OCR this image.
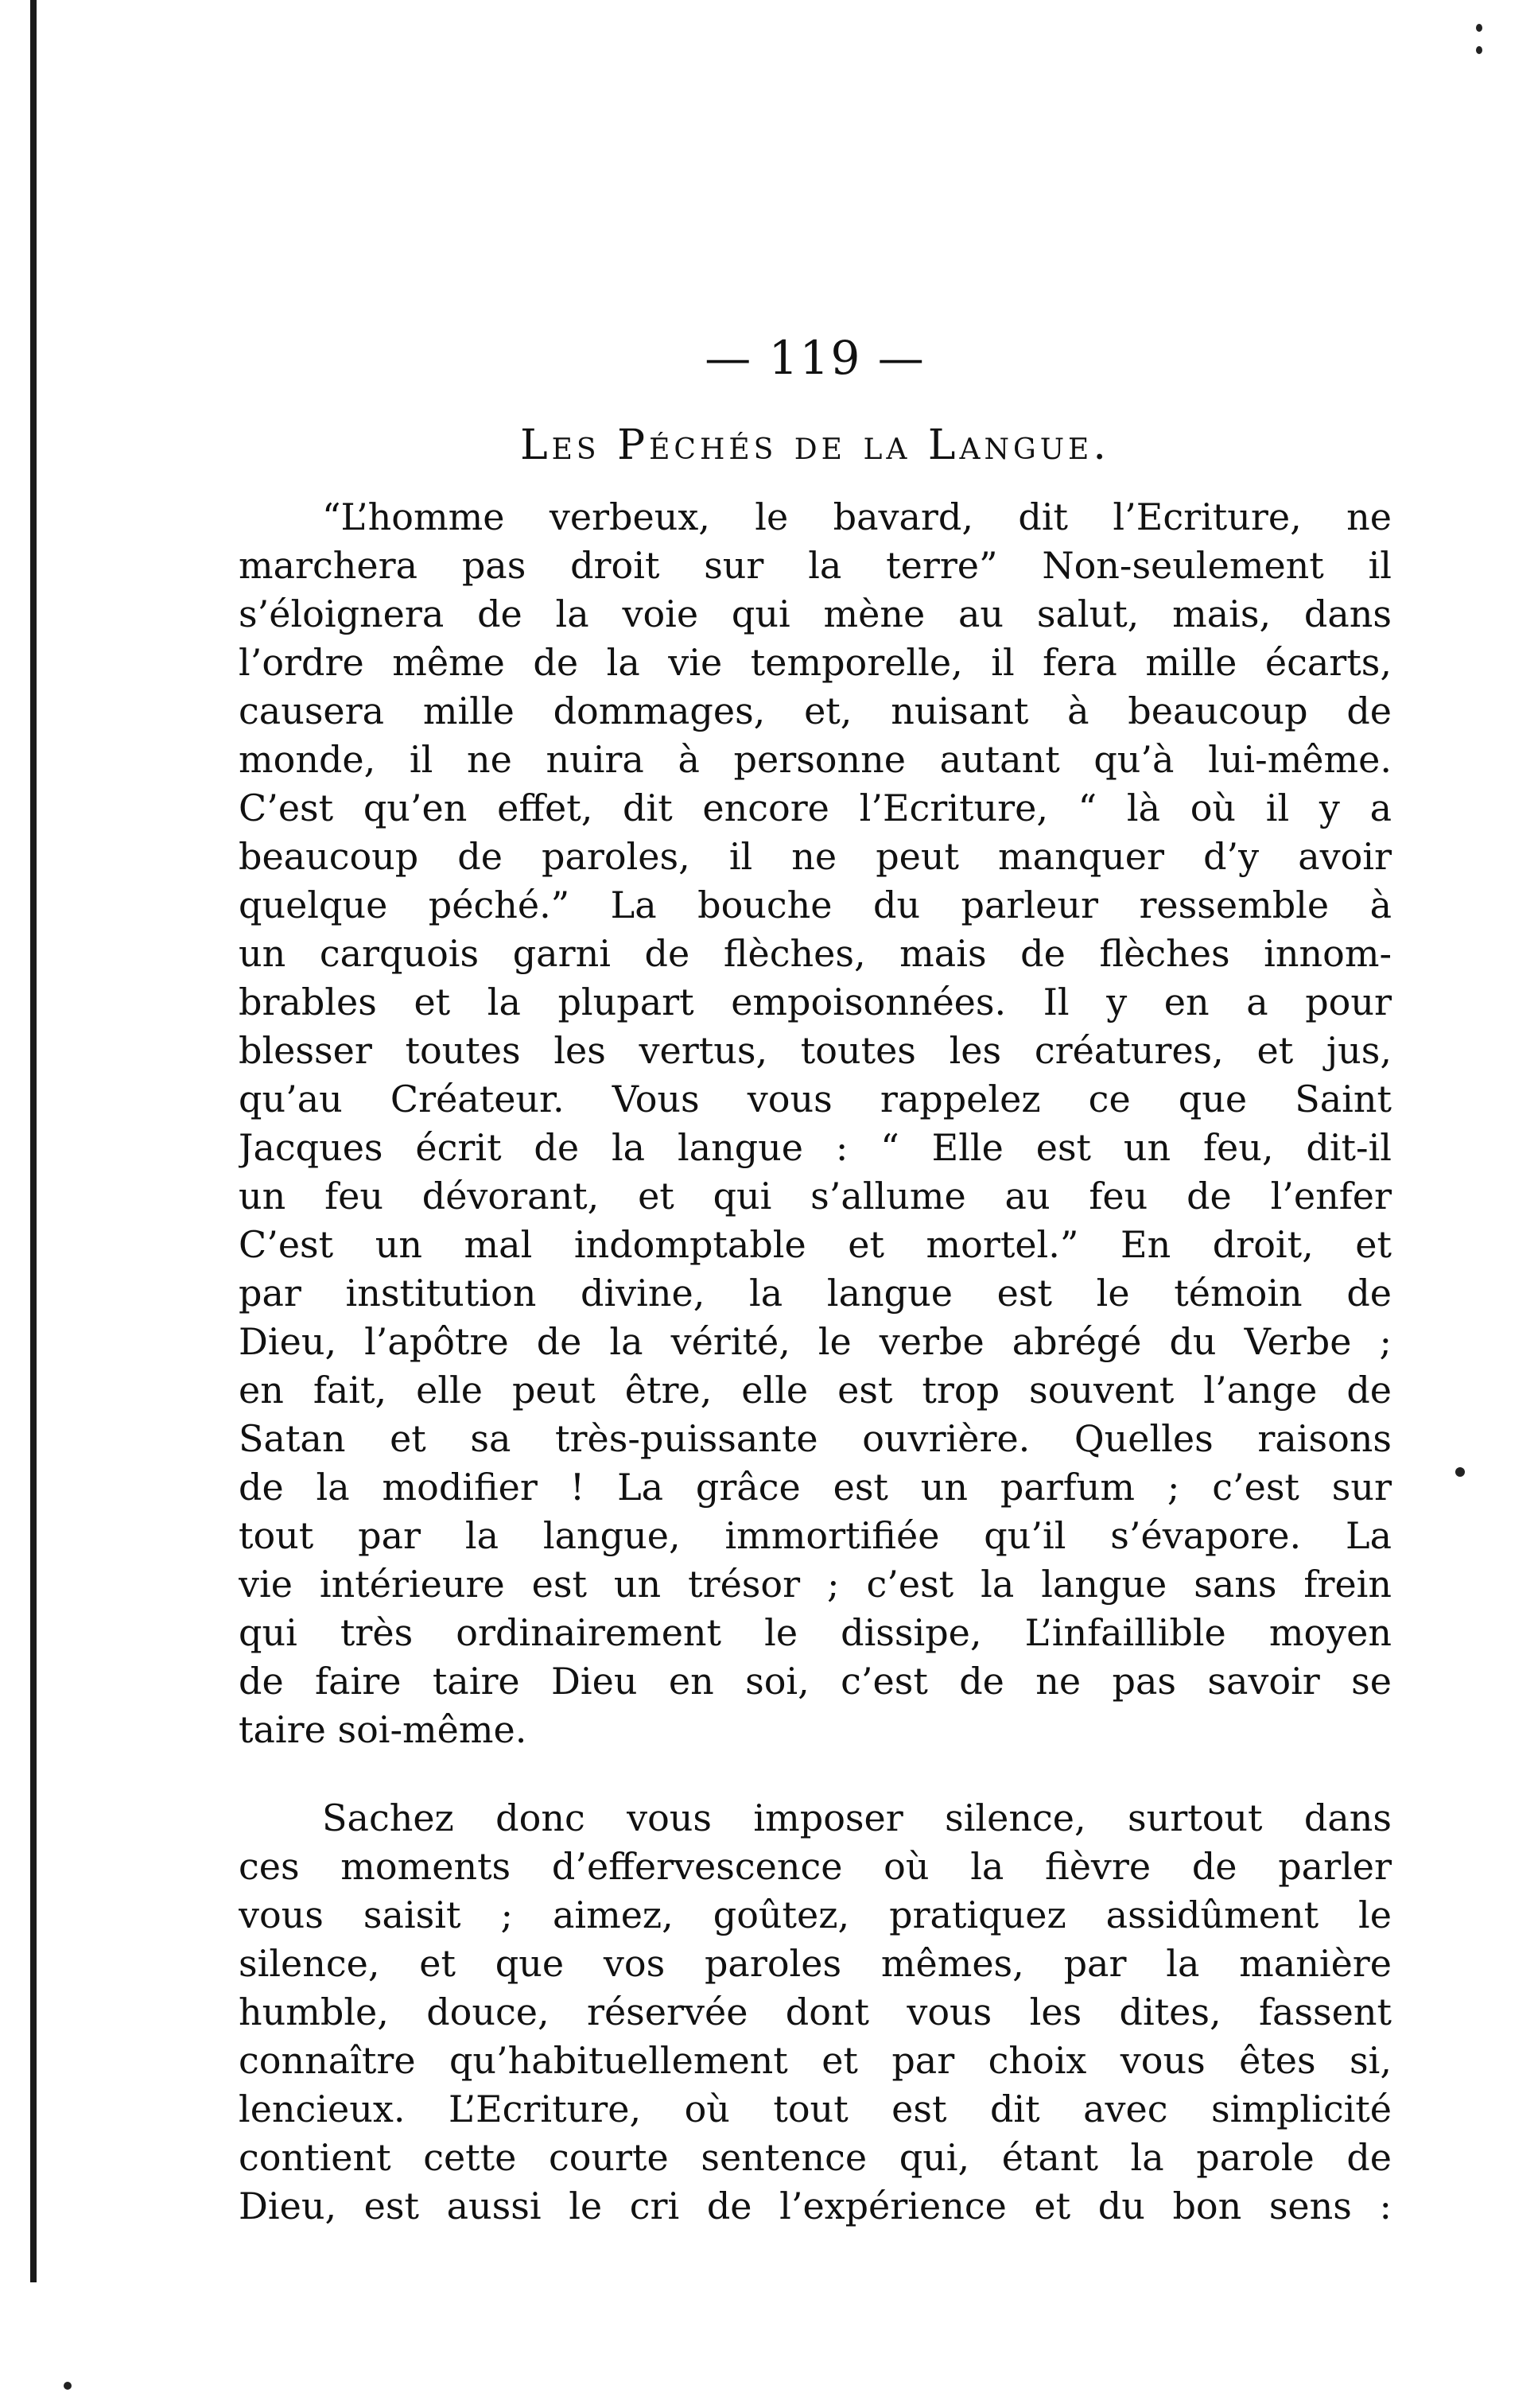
— 119 —
Les Péchés de la Langue.
“L’homme verbeux, le bavard, dit l’Ecriture, ne
marchera pas droit sur la terre” Non-seulement il
s’éloignera de la voie qui mène au salut, mais, dans
l’ordre même de la vie temporelle, il fera mille écarts,
causera mille dommages, et, nuisant à beaucoup de
monde, il ne nuira à personne autant qu’à lui-même.
C’est qu’en effet, dit encore l’Ecriture, “ là où il y a
beaucoup de paroles, il ne peut manquer d’y avoir
quelque péché.” La bouche du parleur ressemble à
un carquois garni de flèches, mais de flèches innom-
brables et la plupart empoisonnées. Il y en a pour
blesser toutes les vertus, toutes les créatures, et jus,
qu’au Créateur. Vous vous rappelez ce que Saint
Jacques écrit de la langue : “ Elle est un feu, dit-il
un feu dévorant, et qui s’allume au feu de l’enfer
C’est un mal indomptable et mortel.” En droit, et
par institution divine, la langue est le témoin de
Dieu, l’apôtre de la vérité, le verbe abrégé du Verbe ;
en fait, elle peut être, elle est trop souvent l’ange de
Satan et sa très-puissante ouvrière. Quelles raisons
de la modifier ! La grâce est un parfum ; c’est sur
tout par la langue, immortifiée qu’il s’évapore. La
vie intérieure est un trésor ; c’est la langue sans frein
qui très ordinairement le dissipe, L’infaillible moyen
de faire taire Dieu en soi, c’est de ne pas savoir se
taire soi-même.
Sachez donc vous imposer silence, surtout dans
ces moments d’effervescence où la fièvre de parler
vous saisit ; aimez, goûtez, pratiquez assidûment le
silence, et que vos paroles mêmes, par la manière
humble, douce, réservée dont vous les dites, fassent
connaître qu’habituellement et par choix vous êtes si,
lencieux. L’Ecriture, où tout est dit avec simplicité
contient cette courte sentence qui, étant la parole de
Dieu, est aussi le cri de l’expérience et du bon sens :
